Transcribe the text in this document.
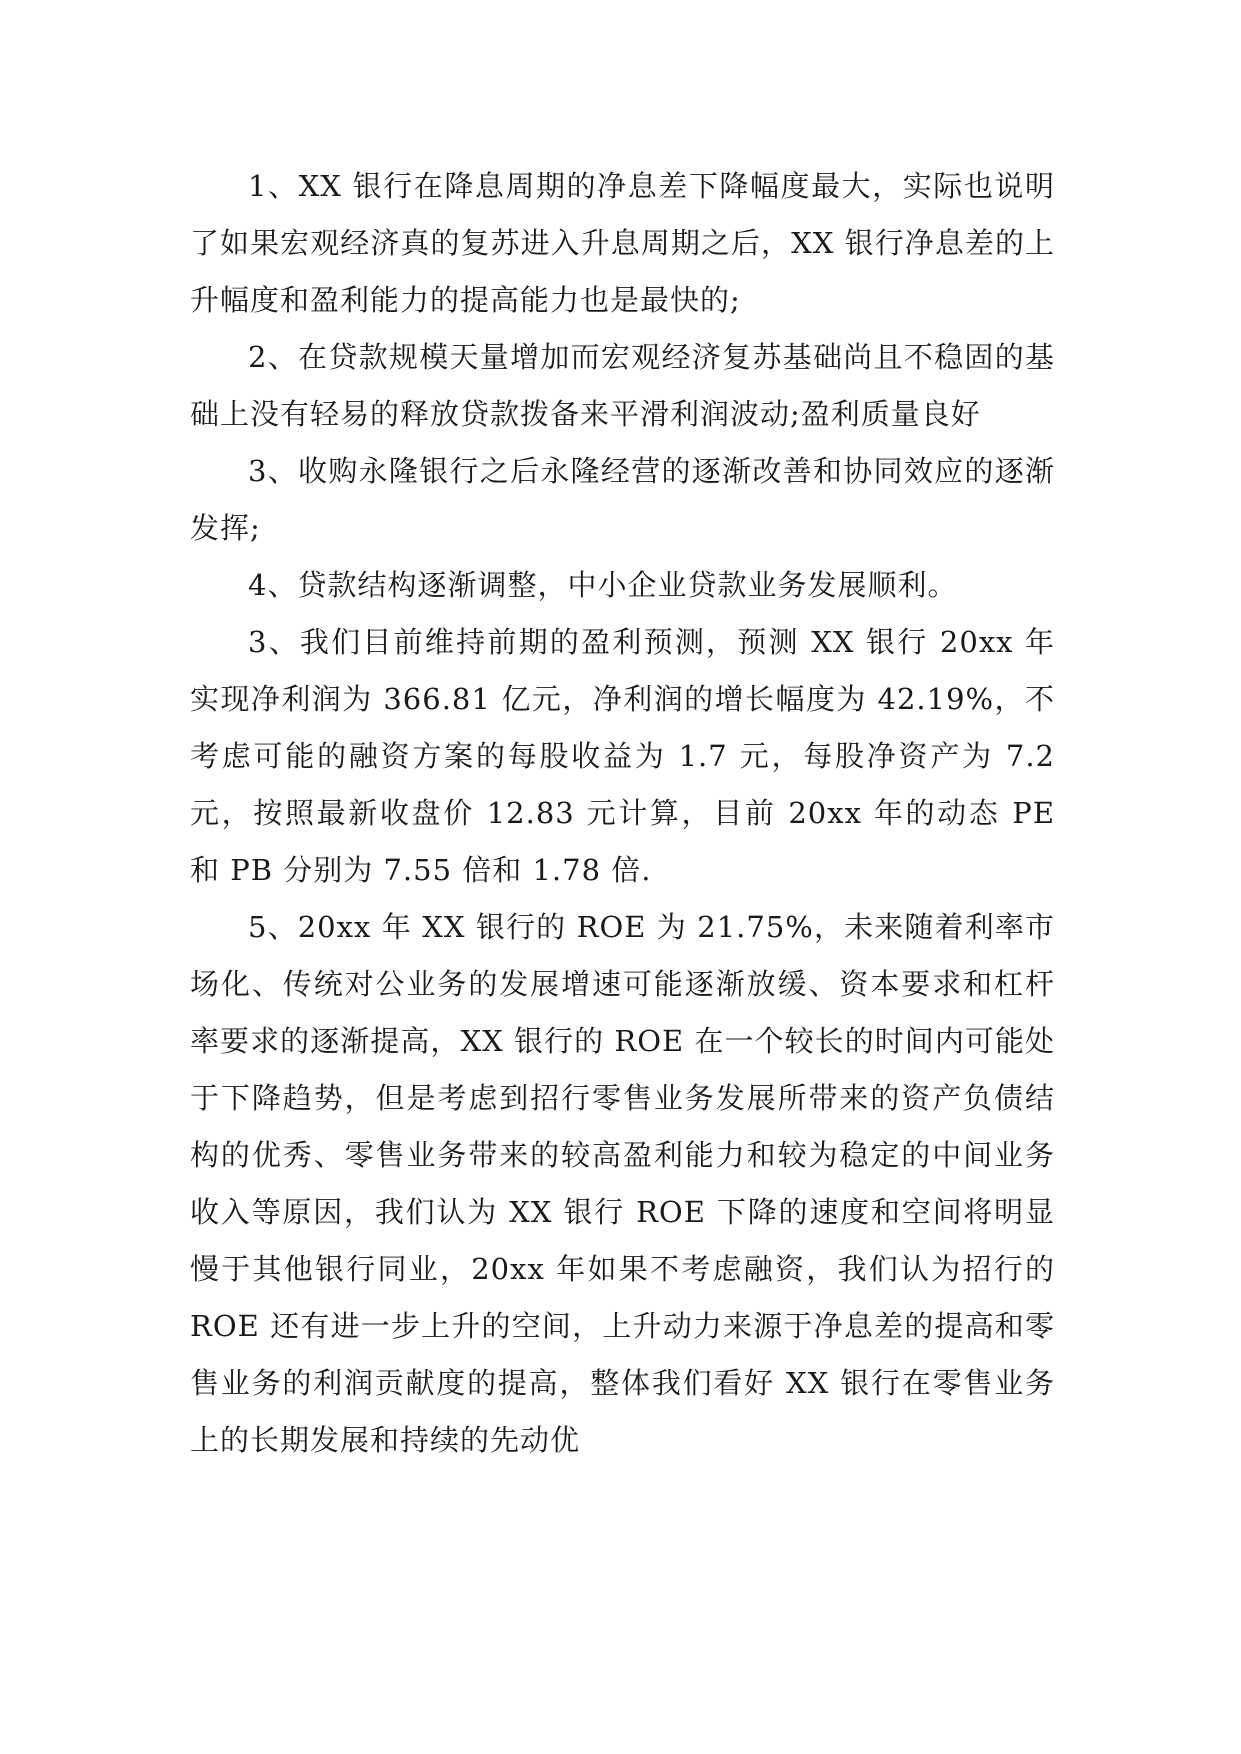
1、XX 银行在降息周期的净息差下降幅度最大，实际也说明了如果宏观经济真的复苏进入升息周期之后，XX 银行净息差的上升幅度和盈利能力的提高能力也是最快的;

2、在贷款规模天量增加而宏观经济复苏基础尚且不稳固的基础上没有轻易的释放贷款拨备来平滑利润波动;盈利质量良好

3、收购永隆银行之后永隆经营的逐渐改善和协同效应的逐渐发挥;

4、贷款结构逐渐调整，中小企业贷款业务发展顺利。

3、我们目前维持前期的盈利预测，预测 XX 银行 20xx 年实现净利润为 366.81 亿元，净利润的增长幅度为 42.19%，不考虑可能的融资方案的每股收益为 1.7 元，每股净资产为 7.2 元，按照最新收盘价 12.83 元计算，目前 20xx 年的动态 PE 和 PB 分别为 7.55 倍和 1.78 倍.

5、20xx 年 XX 银行的 ROE 为 21.75%，未来随着利率市场化、传统对公业务的发展增速可能逐渐放缓、资本要求和杠杆率要求的逐渐提高，XX 银行的 ROE 在一个较长的时间内可能处于下降趋势，但是考虑到招行零售业务发展所带来的资产负债结构的优秀、零售业务带来的较高盈利能力和较为稳定的中间业务收入等原因，我们认为 XX 银行 ROE 下降的速度和空间将明显慢于其他银行同业，20xx 年如果不考虑融资，我们认为招行的 ROE 还有进一步上升的空间，上升动力来源于净息差的提高和零售业务的利润贡献度的提高，整体我们看好 XX 银行在零售业务上的长期发展和持续的先动优
